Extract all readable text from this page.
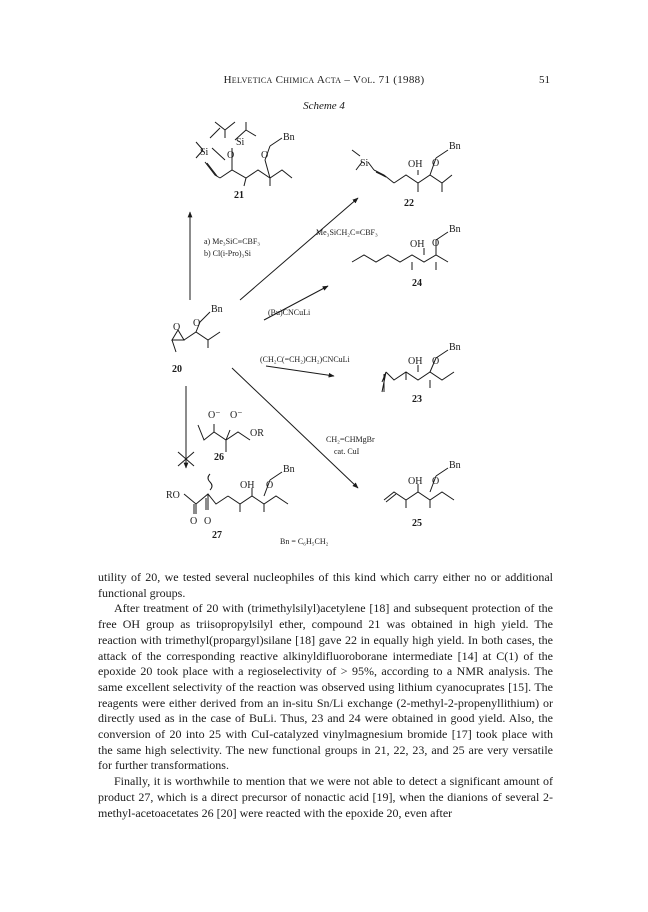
Helvetica Chimica Acta – Vol. 71 (1988)	51
Scheme 4
Si
Si O	O
Bn
21
Si	OH O
Bn
22
a) Me₃SiC≡CBF₃
b) Cl(i-Pro)₃Si
Me₃SiCH₂C≡CBF₃
OH O
Bn
24
(Bu)CNCuLi
O O
Bn
20
(CH₂C(=CH₂)CH₂)CNCuLi	OH O
Bn
23
O⁻ O⁻
OR
26
CH₂=CHMgBr
cat. CuI
RO
O O
OH O
Bn
27
OH O
Bn
25
Bn = C₆H₅CH₂

utility of 20, we tested several nucleophiles of this kind which carry either no or additional functional groups.

After treatment of 20 with (trimethylsilyl)acetylene [18] and subsequent protection of the free OH group as triisopropylsilyl ether, compound 21 was obtained in high yield. The reaction with trimethyl(propargyl)silane [18] gave 22 in equally high yield. In both cases, the attack of the corresponding reactive alkinyldifluoroborane intermediate [14] at C(1) of the epoxide 20 took place with a regioselectivity of > 95%, according to a NMR analysis. The same excellent selectivity of the reaction was observed using lithium cyanocuprates [15]. The reagents were either derived from an in-situ Sn/Li exchange (2-methyl-2-propenyllithium) or directly used as in the case of BuLi. Thus, 23 and 24 were obtained in good yield. Also, the conversion of 20 into 25 with CuI-catalyzed vinylmagnesium bromide [17] took place with the same high selectivity. The new functional groups in 21, 22, 23, and 25 are very versatile for further transformations.

Finally, it is worthwhile to mention that we were not able to detect a significant amount of product 27, which is a direct precursor of nonactic acid [19], when the dianions of several 2-methyl-acetoacetates 26 [20] were reacted with the epoxide 20, even after
